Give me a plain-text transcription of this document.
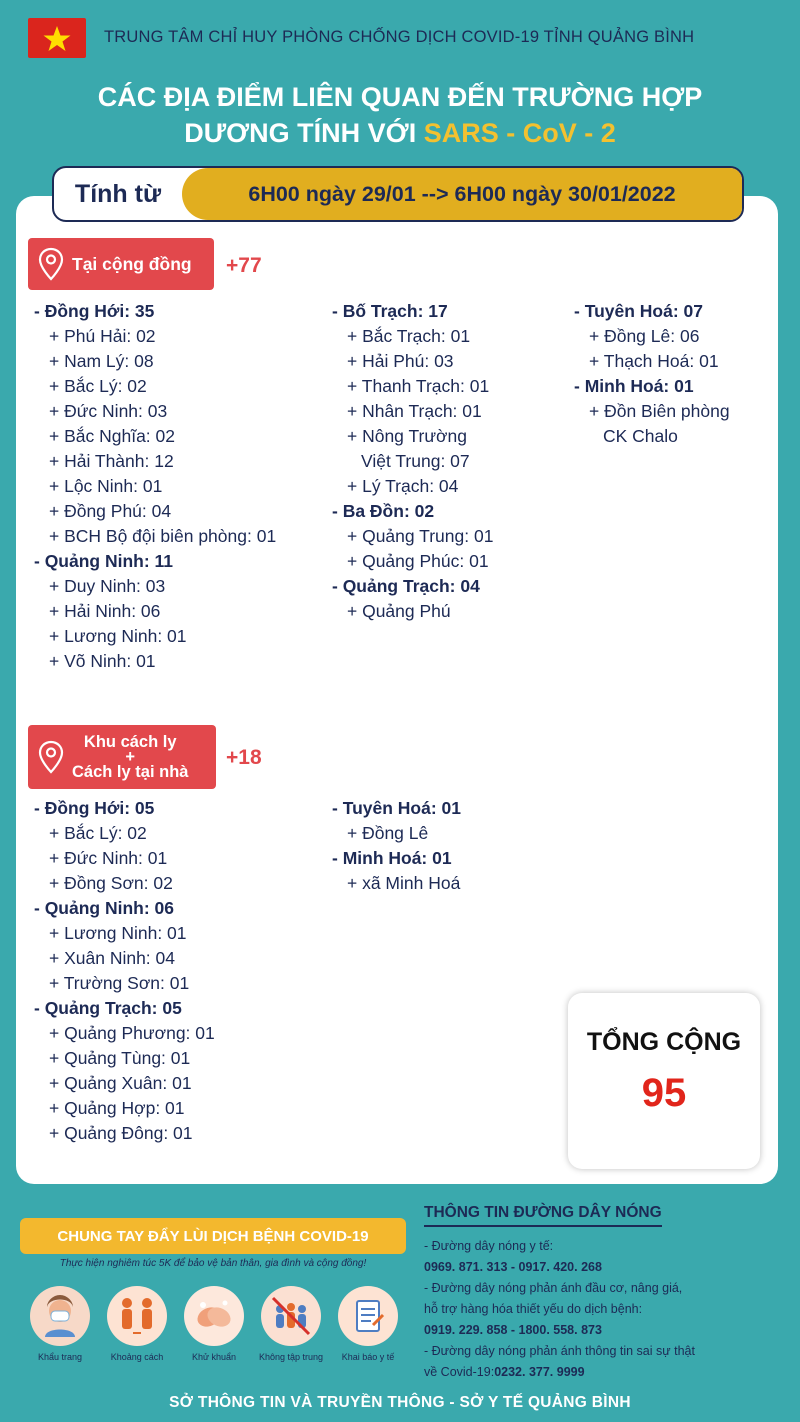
TRUNG TÂM CHỈ HUY PHÒNG CHỐNG DỊCH COVID-19 TỈNH QUẢNG BÌNH
CÁC ĐỊA ĐIỂM LIÊN QUAN ĐẾN TRƯỜNG HỢP
DƯƠNG TÍNH VỚI SARS - CoV - 2
Tính từ	6H00 ngày 29/01 --> 6H00 ngày 30/01/2022
Tại cộng đồng +77
- Đồng Hới: 35
+ Phú Hải: 02
+ Nam Lý: 08
+ Bắc Lý: 02
+ Đức Ninh: 03
+ Bắc Nghĩa: 02
+ Hải Thành: 12
+ Lộc Ninh: 01
+ Đồng Phú: 04
+ BCH Bộ đội biên phòng: 01
- Quảng Ninh: 11
+ Duy Ninh: 03
+ Hải Ninh: 06
+ Lương Ninh: 01
+ Võ Ninh: 01
- Bố Trạch: 17
+ Bắc Trạch: 01
+ Hải Phú: 03
+ Thanh Trạch: 01
+ Nhân Trạch: 01
+ Nông Trường
Việt Trung: 07
+ Lý Trạch: 04
- Ba Đồn: 02
+ Quảng Trung: 01
+ Quảng Phúc: 01
- Quảng Trạch: 04
+ Quảng Phú
- Tuyên Hoá: 07
+ Đồng Lê: 06
+ Thạch Hoá: 01
- Minh Hoá: 01
+ Đồn Biên phòng
CK Chalo
Khu cách ly
+
Cách ly tại nhà
+18
- Đồng Hới: 05
+ Bắc Lý: 02
+ Đức Ninh: 01
+ Đồng Sơn: 02
- Quảng Ninh: 06
+ Lương Ninh: 01
+ Xuân Ninh: 04
+ Trường Sơn: 01
- Quảng Trạch: 05
+ Quảng Phương: 01
+ Quảng Tùng: 01
+ Quảng Xuân: 01
+ Quảng Hợp: 01
+ Quảng Đông: 01
- Tuyên Hoá: 01
+ Đồng Lê
- Minh Hoá: 01
+ xã Minh Hoá
TỔNG CỘNG
95
CHUNG TAY ĐẨY LÙI DỊCH BỆNH COVID-19
Thực hiện nghiêm túc 5K để bảo vệ bản thân, gia đình và cộng đồng!
Khẩu trang	Khoảng cách	Khử khuẩn	Không tập trung	Khai báo y tế
THÔNG TIN ĐƯỜNG DÂY NÓNG
- Đường dây nóng y tế:
0969. 871. 313 - 0917. 420. 268
- Đường dây nóng phản ánh đầu cơ, nâng giá,
hỗ trợ hàng hóa thiết yếu do dịch bệnh:
0919. 229. 858 - 1800. 558. 873
- Đường dây nóng phản ánh thông tin sai sự thật
về Covid-19:0232. 377. 9999
SỞ THÔNG TIN VÀ TRUYỀN THÔNG - SỞ Y TẾ QUẢNG BÌNH
